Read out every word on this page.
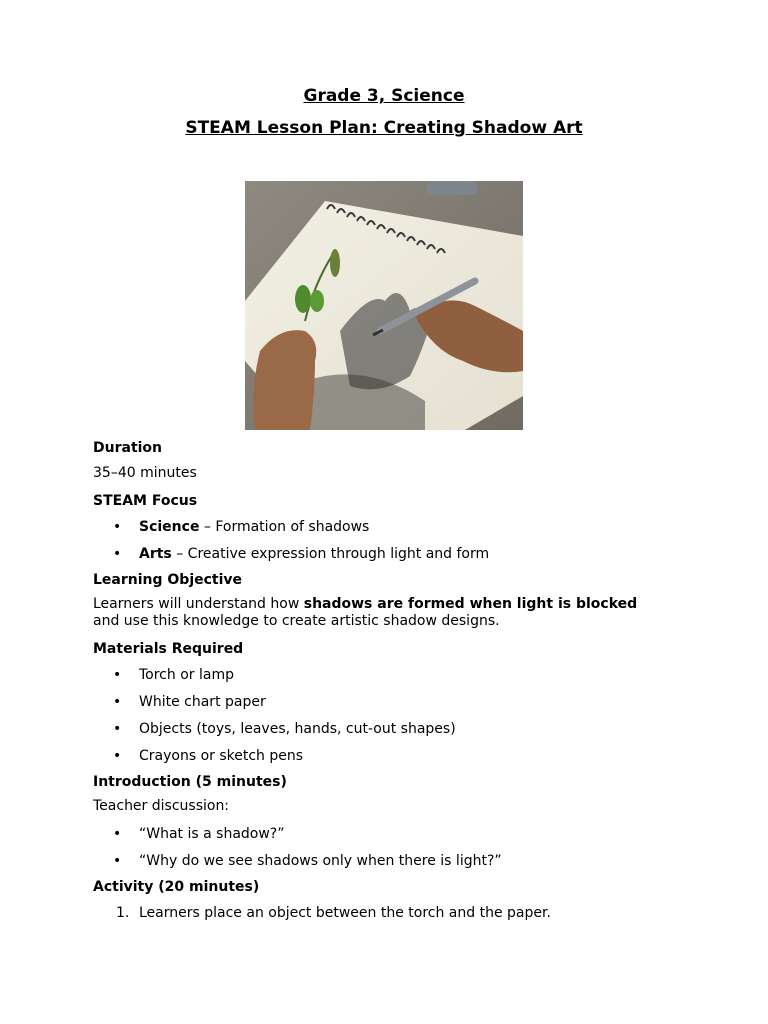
Grade 3, Science
STEAM Lesson Plan: Creating Shadow Art

Duration

35–40 minutes

STEAM Focus

• Science – Formation of shadows
• Arts – Creative expression through light and form

Learning Objective

Learners will understand how shadows are formed when light is blocked
and use this knowledge to create artistic shadow designs.

Materials Required

• Torch or lamp
• White chart paper
• Objects (toys, leaves, hands, cut-out shapes)
• Crayons or sketch pens

Introduction (5 minutes)

Teacher discussion:

• “What is a shadow?”
• “Why do we see shadows only when there is light?”

Activity (20 minutes)

1. Learners place an object between the torch and the paper.
